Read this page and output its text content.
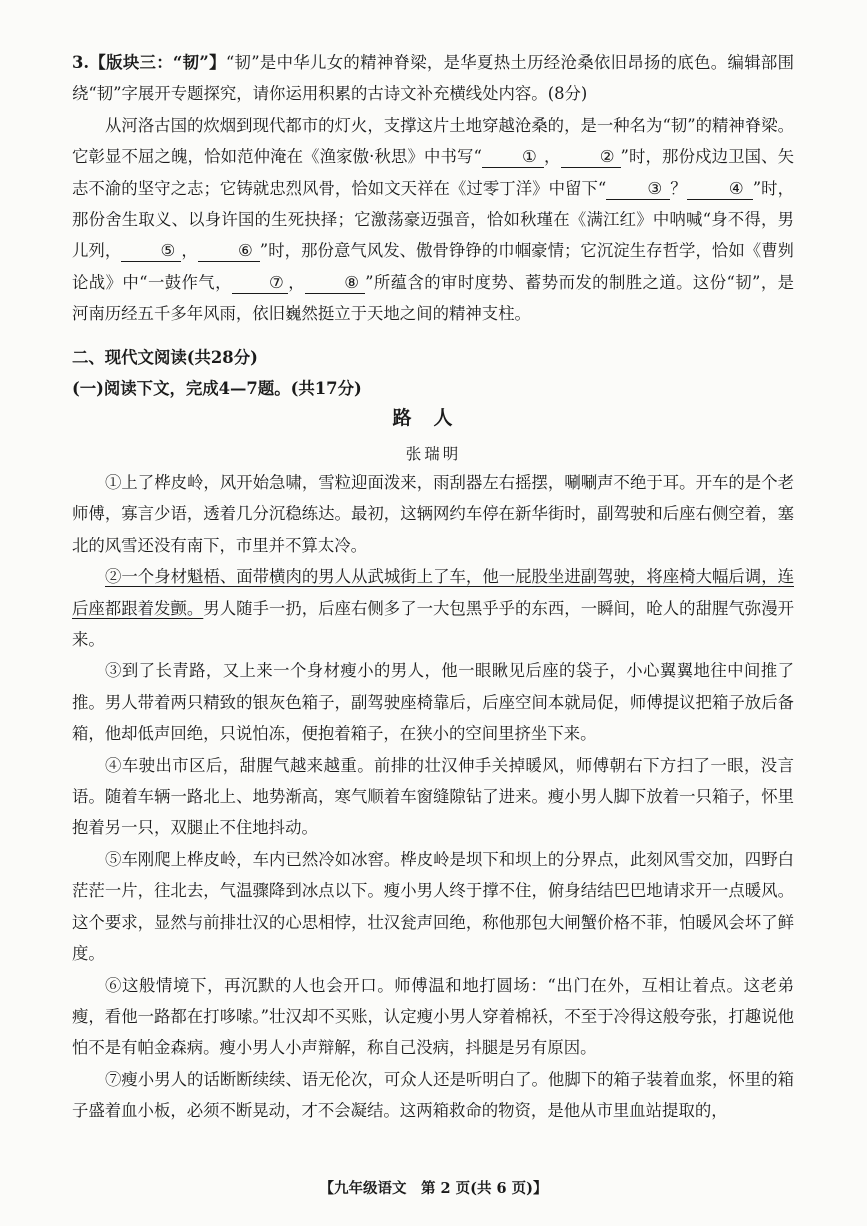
3.【版块三：“韧”】“韧”是中华儿女的精神脊梁，是华夏热土历经沧桑依旧昂扬的底色。编辑部围绕“韧”字展开专题探究，请你运用积累的古诗文补充横线处内容。(8分)

从河洛古国的炊烟到现代都市的灯火，支撑这片土地穿越沧桑的，是一种名为“韧”的精神脊梁。它彰显不屈之魄，恰如范仲淹在《渔家傲·秋思》中书写“ ① ， ② ”时，那份戍边卫国、矢志不渝的坚守之志；它铸就忠烈风骨，恰如文天祥在《过零丁洋》中留下“	③ ？	④ ”时，那份舍生取义、以身许国的生死抉择；它激荡豪迈强音，恰如秋瑾在《满江红》中呐喊“身不得，男儿列， ⑤ ， ⑥ ”时，那份意气风发、傲骨铮铮的巾帼豪情；它沉淀生存哲学，恰如《曹刿论战》中“一鼓作气， ⑦ ， ⑧ ”所蕴含的审时度势、蓄势而发的制胜之道。这份“韧”，是河南历经五千多年风雨，依旧巍然挺立于天地之间的精神支柱。

二、现代文阅读(共28分)
(一)阅读下文，完成4—7题。(共17分)
路人
张瑞明

①上了桦皮岭，风开始急啸，雪粒迎面泼来，雨刮器左右摇摆，唰唰声不绝于耳。开车的是个老师傅，寡言少语，透着几分沉稳练达。最初，这辆网约车停在新华街时，副驾驶和后座右侧空着，塞北的风雪还没有南下，市里并不算太冷。

②一个身材魁梧、面带横肉的男人从武城街上了车，他一屁股坐进副驾驶，将座椅大幅后调，连后座都跟着发颤。男人随手一扔，后座右侧多了一大包黑乎乎的东西，一瞬间，呛人的甜腥气弥漫开来。

③到了长青路，又上来一个身材瘦小的男人，他一眼瞅见后座的袋子，小心翼翼地往中间推了推。男人带着两只精致的银灰色箱子，副驾驶座椅靠后，后座空间本就局促，师傅提议把箱子放后备箱，他却低声回绝，只说怕冻，便抱着箱子，在狭小的空间里挤坐下来。

④车驶出市区后，甜腥气越来越重。前排的壮汉伸手关掉暖风，师傅朝右下方扫了一眼，没言语。随着车辆一路北上、地势渐高，寒气顺着车窗缝隙钻了进来。瘦小男人脚下放着一只箱子，怀里抱着另一只，双腿止不住地抖动。

⑤车刚爬上桦皮岭，车内已然冷如冰窖。桦皮岭是坝下和坝上的分界点，此刻风雪交加，四野白茫茫一片，往北去，气温骤降到冰点以下。瘦小男人终于撑不住，俯身结结巴巴地请求开一点暖风。这个要求，显然与前排壮汉的心思相悖，壮汉瓮声回绝，称他那包大闸蟹价格不菲，怕暖风会坏了鲜度。

⑥这般情境下，再沉默的人也会开口。师傅温和地打圆场：“出门在外，互相让着点。这老弟瘦，看他一路都在打哆嗦。”壮汉却不买账，认定瘦小男人穿着棉袄，不至于冷得这般夸张，打趣说他怕不是有帕金森病。瘦小男人小声辩解，称自己没病，抖腿是另有原因。

⑦瘦小男人的话断断续续、语无伦次，可众人还是听明白了。他脚下的箱子装着血浆，怀里的箱子盛着血小板，必须不断晃动，才不会凝结。这两箱救命的物资，是他从市里血站提取的，

【九年级语文　第 2 页(共 6 页)】
